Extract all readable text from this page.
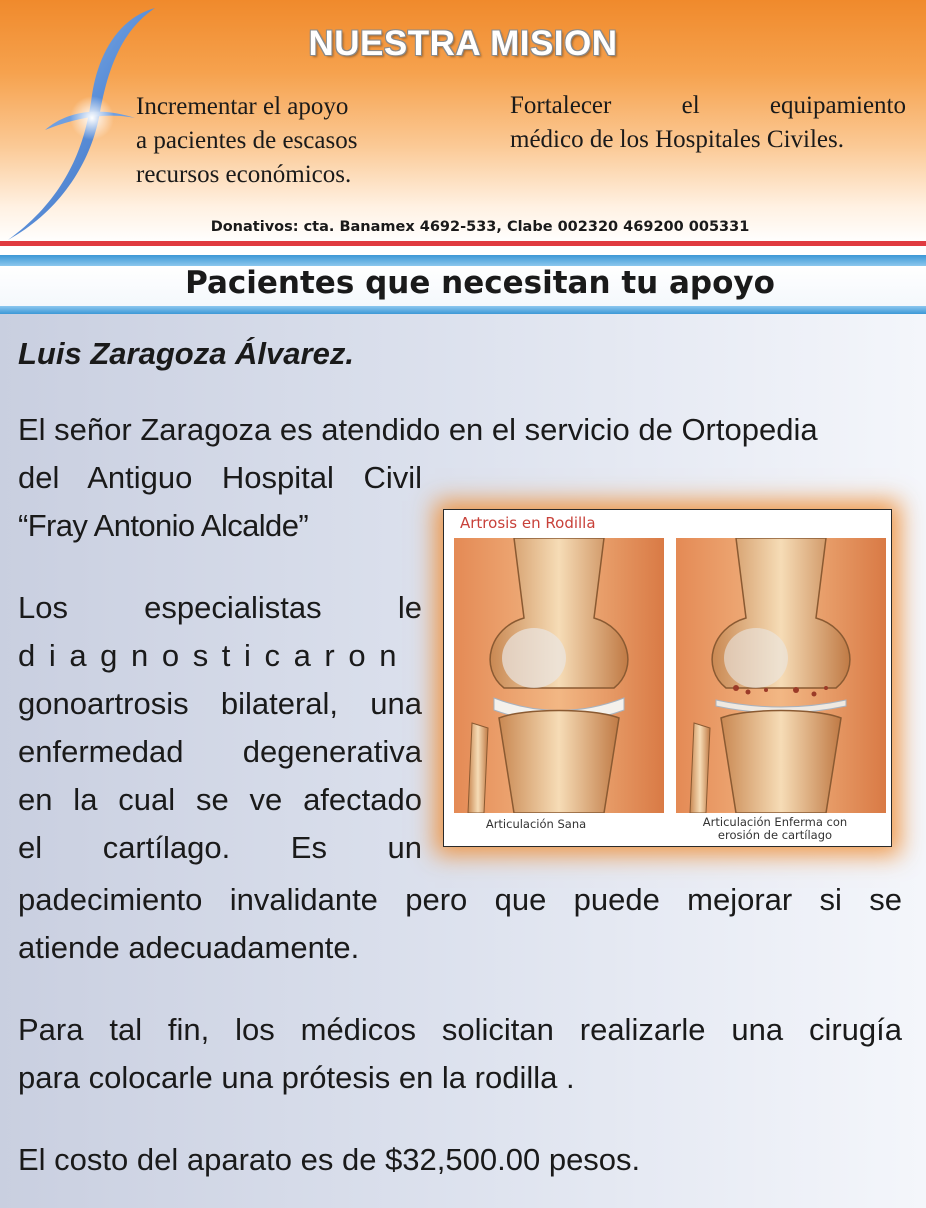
NUESTRA MISION
Incrementar el apoyo
a pacientes de escasos
recursos económicos.
Fortalecer el equipamiento
médico de los Hospitales Civiles.
Donativos: cta. Banamex 4692-533, Clabe 002320 469200 005331
Pacientes que necesitan tu apoyo
Luis Zaragoza Álvarez.
El señor Zaragoza es atendido en el servicio de Ortopedia
del Antiguo Hospital Civil
“Fray Antonio Alcalde”
Los especialistas le
diagnosticaron
gonoartrosis bilateral, una
enfermedad degenerativa
en la cual se ve afectado
el cartílago. Es un
padecimiento invalidante pero que puede mejorar si se
atiende adecuadamente.
Para tal fin, los médicos solicitan realizarle una cirugía
para colocarle una prótesis en la rodilla .
El costo del aparato es de $32,500.00 pesos.
Artrosis en Rodilla
Articulación Sana	Articulación Enferma con
erosión de cartílago
